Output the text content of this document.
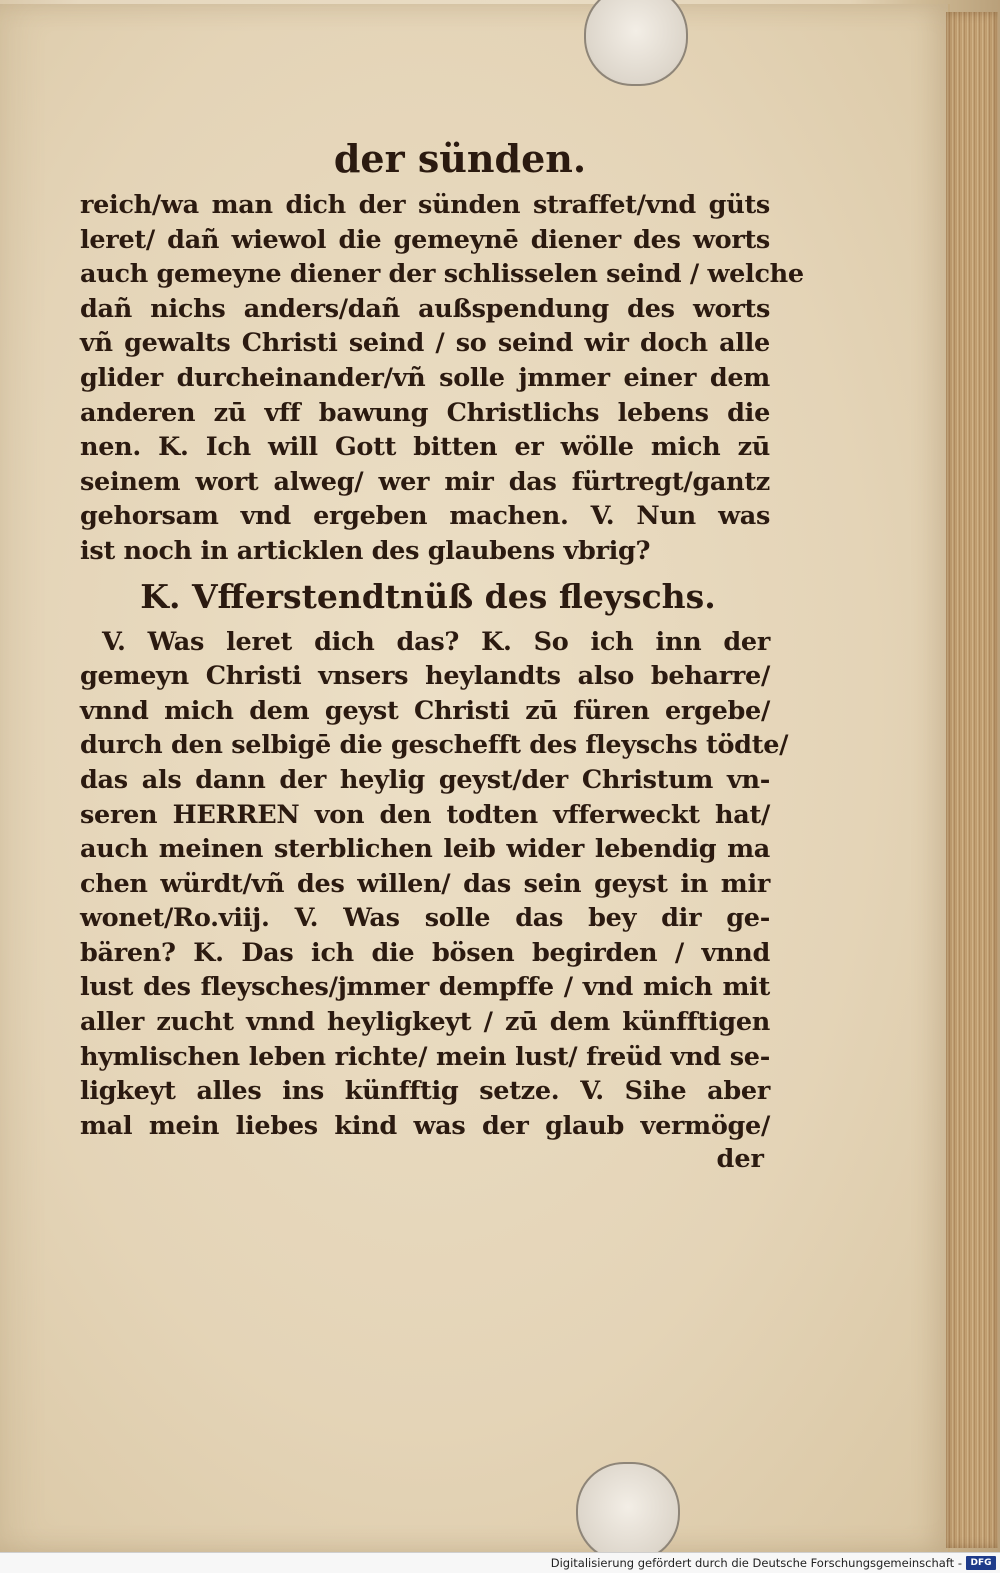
der sünden.
reich/wa man dich der sünden straffet/vnd güts
leret/ dañ wiewol die gemeynē diener des worts
auch gemeyne diener der schlisselen seind / welche
dañ nichs anders/dañ außspendung des worts
vñ gewalts Christi seind / so seind wir doch alle
glider durcheinander/vñ solle jmmer einer dem
anderen zū vff bawung Christlichs lebens die
nen. K. Ich will Gott bitten er wölle mich zū
seinem wort alweg/ wer mir das fürtregt/gantz
gehorsam vnd ergeben machen. V. Nun was
ist noch in articklen des glaubens vbrig?
K. Vfferstendtnüß des fleyschs.
V. Was leret dich das? K. So ich inn der
gemeyn Christi vnsers heylandts also beharre/
vnnd mich dem geyst Christi zū füren ergebe/
durch den selbigē die geschefft des fleyschs tödte/
das als dann der heylig geyst/der Christum vn-
seren HERREN von den todten vfferweckt hat/
auch meinen sterblichen leib wider lebendig ma
chen würdt/vñ des willen/ das sein geyst in mir
wonet/Ro.viij. V. Was solle das bey dir ge-
bären? K. Das ich die bösen begirden / vnnd
lust des fleysches/jmmer dempffe / vnd mich mit
aller zucht vnnd heyligkeyt / zū dem künfftigen
hymlischen leben richte/ mein lust/ freüd vnd se-
ligkeyt alles ins künfftig setze. V. Sihe aber
mal mein liebes kind was der glaub vermöge/
der
Digitalisierung gefördert durch die Deutsche Forschungsgemeinschaft - DFG
